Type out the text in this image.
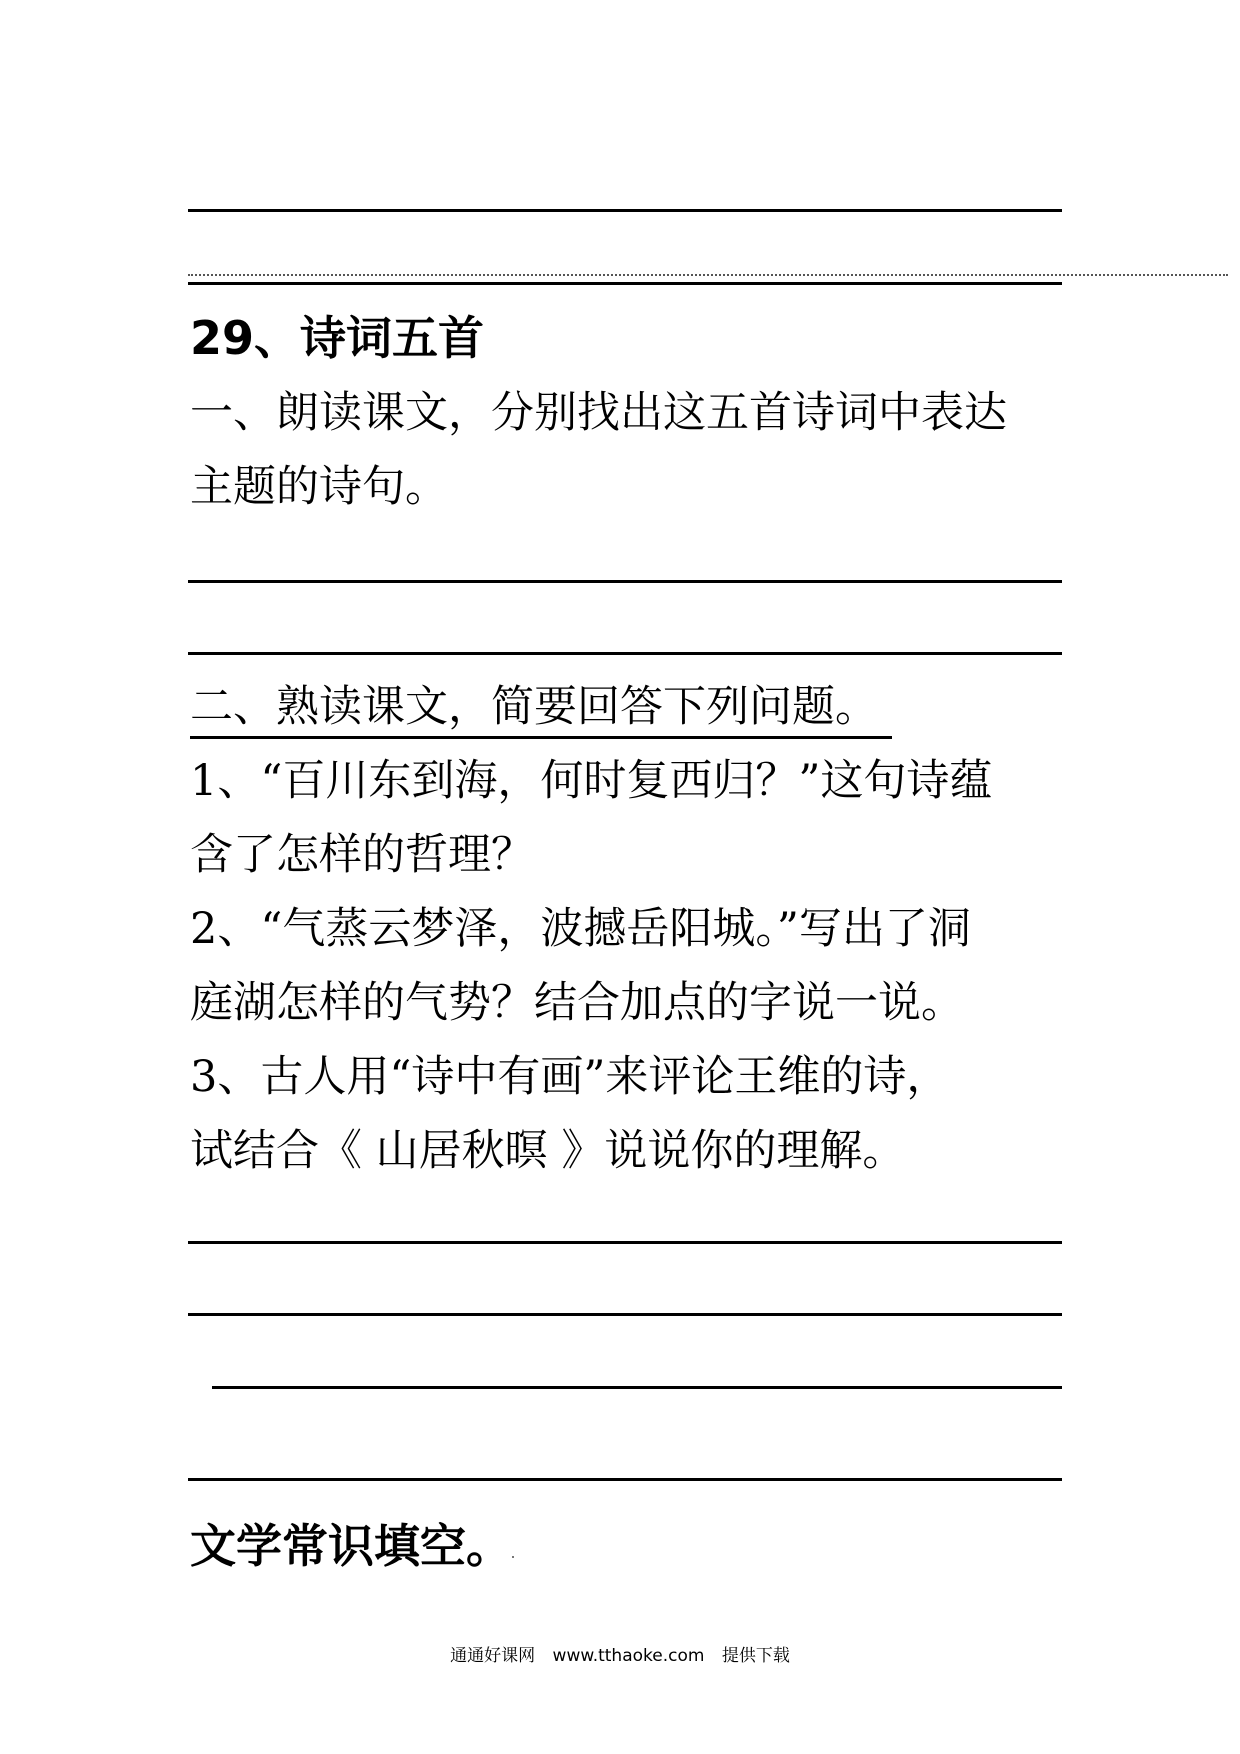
29、诗词五首
一、朗读课文，分别找出这五首诗词中表达
主题的诗句。
二、熟读课文，简要回答下列问题。
1、“百川东到海，何时复西归？”这句诗蕴
含了怎样的哲理？
2、“气蒸云梦泽，波撼岳阳城。”写出了洞
庭湖怎样的气势？结合加点的字说一说。
3、古人用“诗中有画”来评论王维的诗，
试结合《 山居秋暝 》说说你的理解。
文学常识填空。
通通好课网 www.tthaoke.com 提供下载
